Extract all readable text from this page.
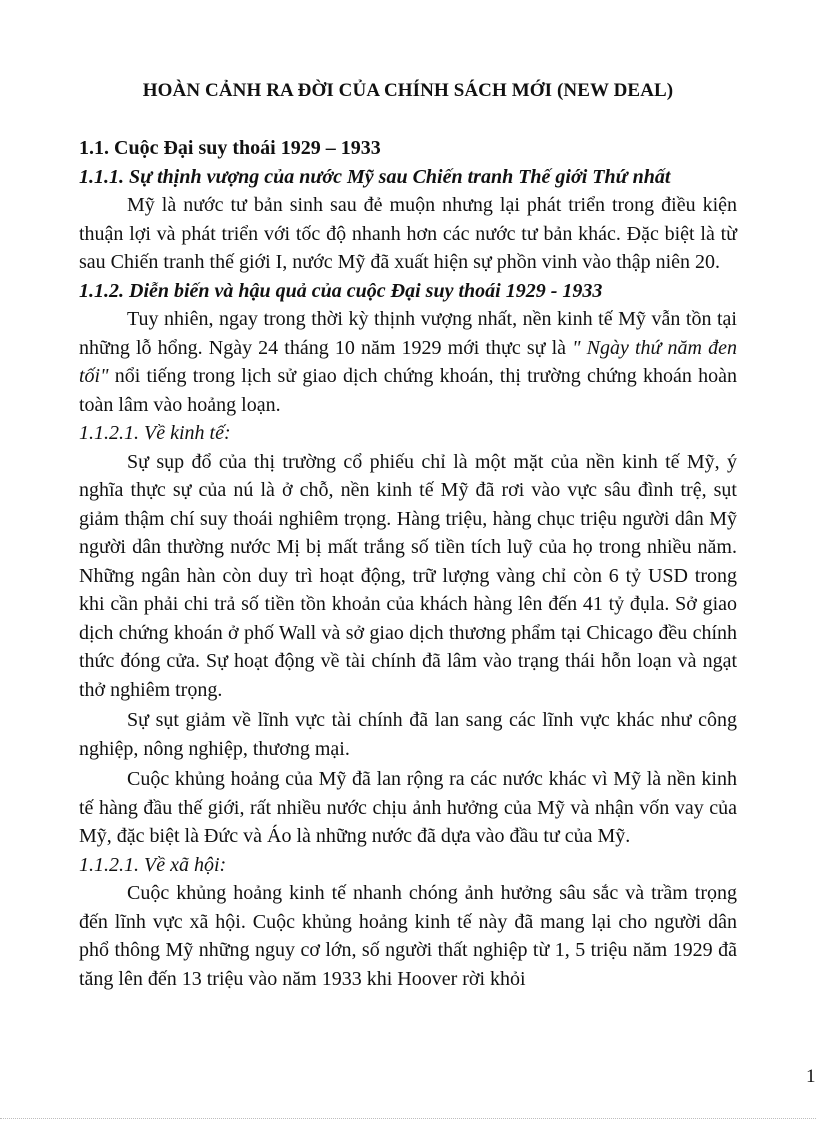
HOÀN CẢNH RA ĐỜI CỦA CHÍNH SÁCH MỚI (NEW DEAL)

1.1. Cuộc Đại suy thoái 1929 – 1933

1.1.1. Sự thịnh vượng của nước Mỹ sau Chiến tranh Thế giới Thứ nhất

Mỹ là nước tư bản sinh sau đẻ muộn nhưng lại phát triển trong điều kiện thuận lợi và phát triển với tốc độ nhanh hơn các nước tư bản khác. Đặc biệt là từ sau Chiến tranh thế giới I, nước Mỹ đã xuất hiện sự phồn vinh vào thập niên 20.

1.1.2. Diễn biến và hậu quả của cuộc Đại suy thoái 1929 - 1933

Tuy nhiên, ngay trong thời kỳ thịnh vượng nhất, nền kinh tế Mỹ vẫn tồn tại những lỗ hổng. Ngày 24 tháng 10 năm 1929 mới thực sự là " Ngày thứ năm đen tối" nổi tiếng trong lịch sử giao dịch chứng khoán, thị trường chứng khoán hoàn toàn lâm vào hoảng loạn.

1.1.2.1. Về kinh tế:

Sự sụp đổ của thị trường cổ phiếu chỉ là một mặt của nền kinh tế Mỹ, ý nghĩa thực sự của nú là ở chỗ, nền kinh tế Mỹ đã rơi vào vực sâu đình trệ, sụt giảm thậm chí suy thoái nghiêm trọng. Hàng triệu, hàng chục triệu người dân Mỹ người dân thường nước Mị bị mất trắng số tiền tích luỹ của họ trong nhiều năm. Những ngân hàn còn duy trì hoạt động, trữ lượng vàng chỉ còn 6 tỷ USD trong khi cần phải chi trả số tiền tồn khoản của khách hàng lên đến 41 tỷ đụla. Sở giao dịch chứng khoán ở phố Wall và sở giao dịch thương phẩm tại Chicago đều chính thức đóng cửa. Sự hoạt động về tài chính đã lâm vào trạng thái hỗn loạn và ngạt thở nghiêm trọng.

Sự sụt giảm về lĩnh vực tài chính đã lan sang các lĩnh vực khác như công nghiệp, nông nghiệp, thương mại.

Cuộc khủng hoảng của Mỹ đã lan rộng ra các nước khác vì Mỹ là nền kinh tế hàng đầu thế giới, rất nhiều nước chịu ảnh hưởng của Mỹ và nhận vốn vay của Mỹ, đặc biệt là Đức và Áo là những nước đã dựa vào đầu tư của Mỹ.

1.1.2.1. Về xã hội:

Cuộc khủng hoảng kinh tế nhanh chóng ảnh hưởng sâu sắc và trầm trọng đến lĩnh vực xã hội. Cuộc khủng hoảng kinh tế này đã mang lại cho người dân phổ thông Mỹ những nguy cơ lớn, số người thất nghiệp từ 1, 5 triệu năm 1929 đã tăng lên đến 13 triệu vào năm 1933 khi Hoover rời khỏi

1
